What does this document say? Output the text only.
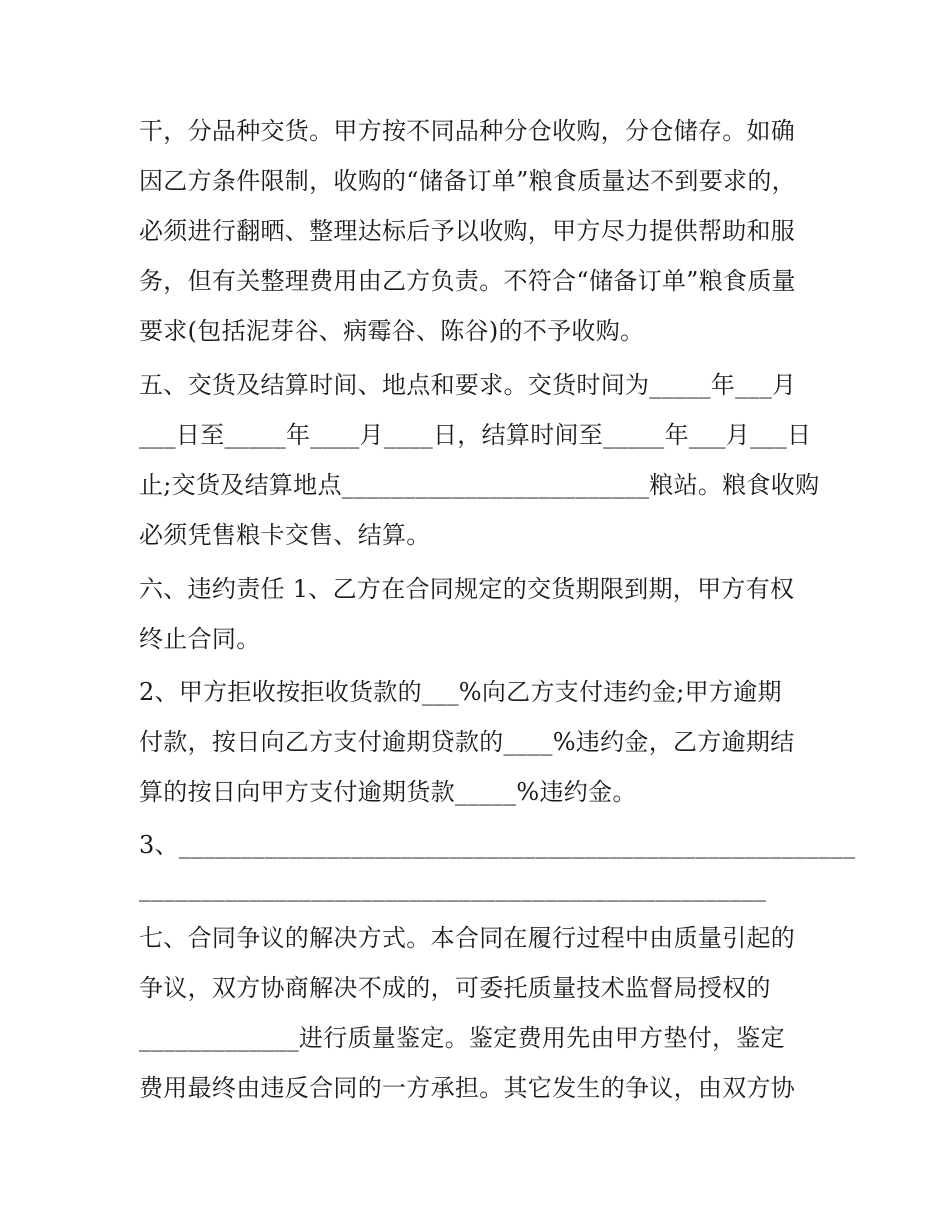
干，分品种交货。甲方按不同品种分仓收购，分仓储存。如确
因乙方条件限制，收购的“储备订单”粮食质量达不到要求的，
必须进行翻晒、整理达标后予以收购，甲方尽力提供帮助和服
务，但有关整理费用由乙方负责。不符合“储备订单”粮食质量
要求(包括泥芽谷、病霉谷、陈谷)的不予收购。
五、交货及结算时间、地点和要求。交货时间为_____年___月
___日至_____年____月____日，结算时间至_____年___月___日
止;交货及结算地点_________________________粮站。粮食收购
必须凭售粮卡交售、结算。
六、违约责任 1、乙方在合同规定的交货期限到期，甲方有权
终止合同。
2、甲方拒收按拒收货款的___%向乙方支付违约金;甲方逾期
付款，按日向乙方支付逾期贷款的____%违约金，乙方逾期结
算的按日向甲方支付逾期货款_____%违约金。
3、_______________________________________________________
___________________________________________________
七、合同争议的解决方式。本合同在履行过程中由质量引起的
争议，双方协商解决不成的，可委托质量技术监督局授权的
_____________进行质量鉴定。鉴定费用先由甲方垫付，鉴定
费用最终由违反合同的一方承担。其它发生的争议，由双方协
